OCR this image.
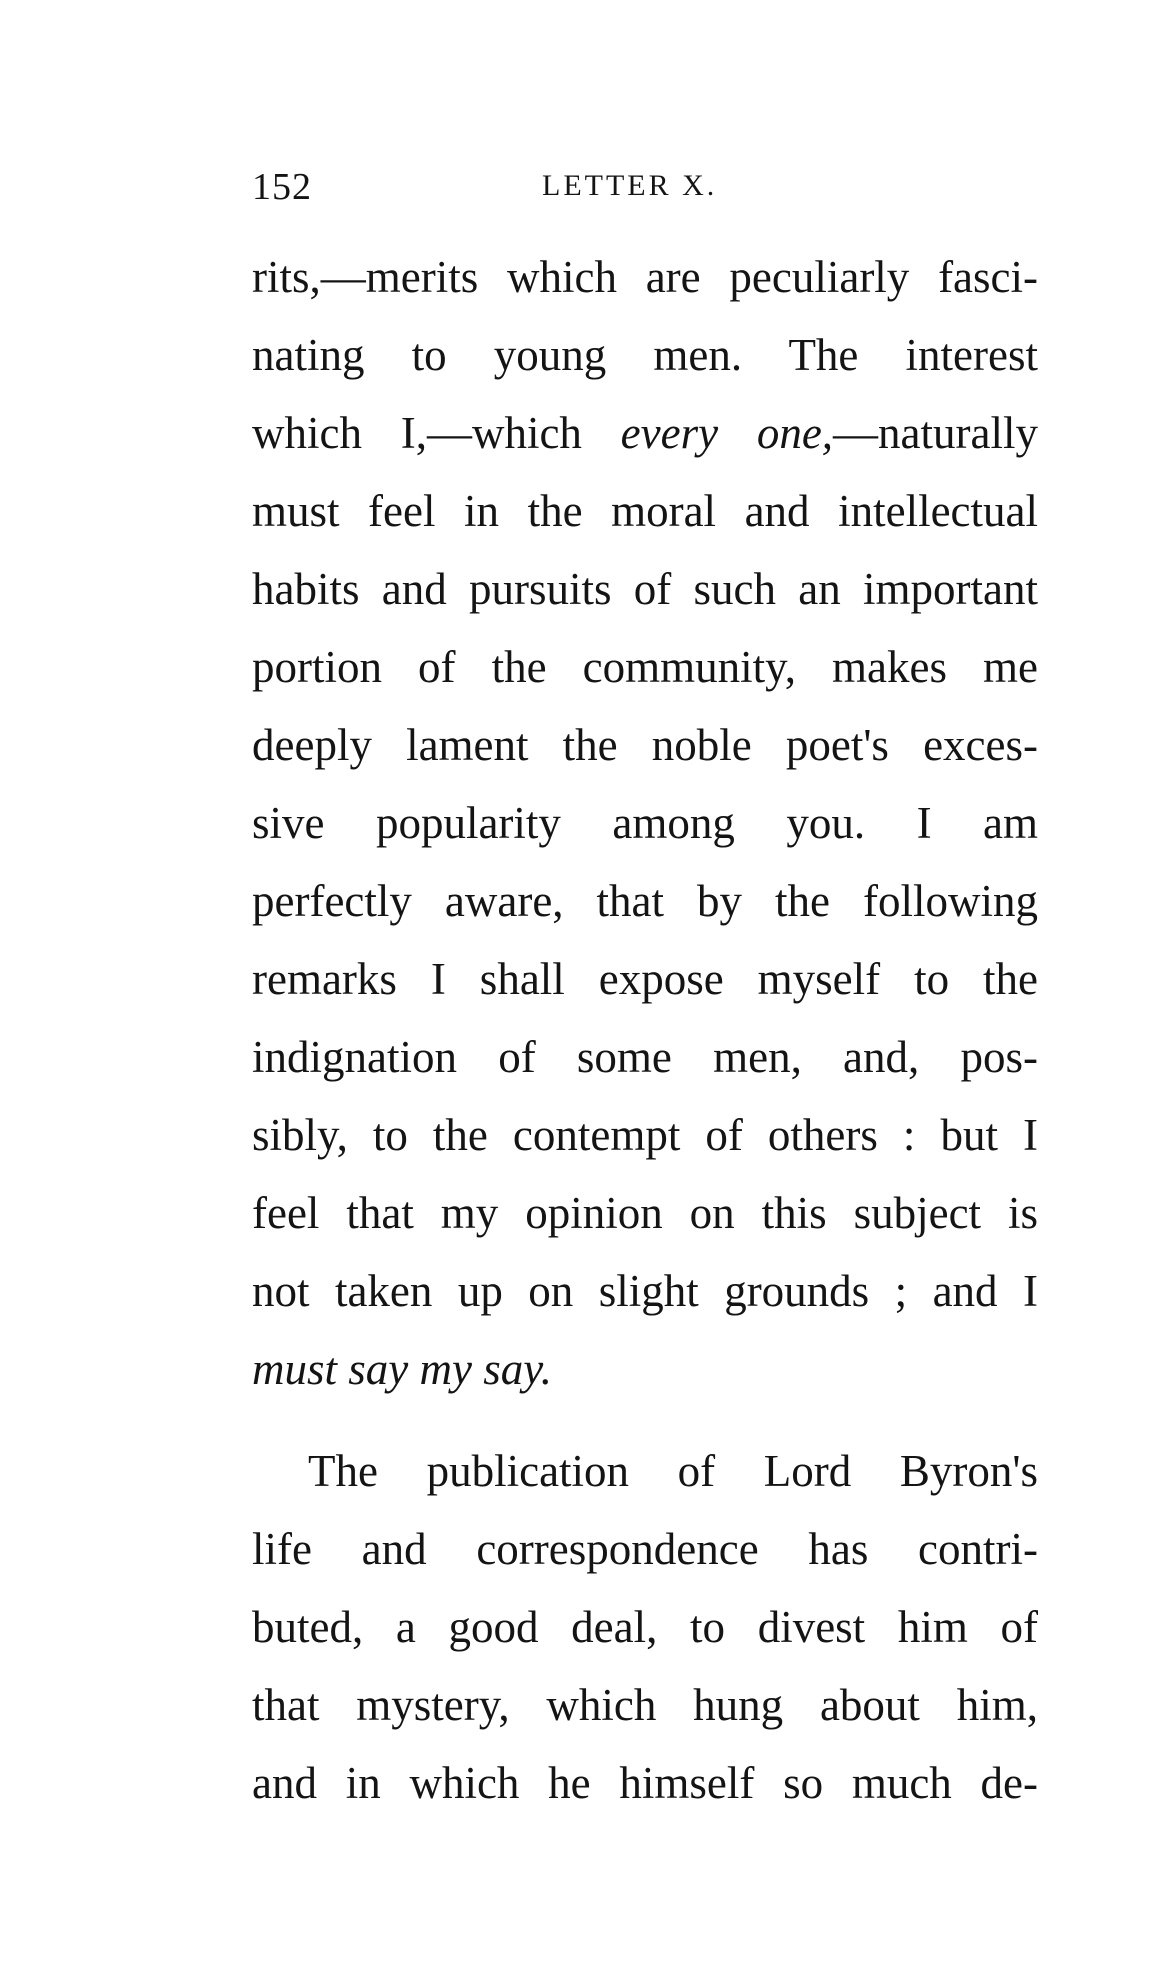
152	LETTER X.
rits,—merits which are peculiarly fasci-
nating to young men. The interest
which I,—which every one,—naturally
must feel in the moral and intellectual
habits and pursuits of such an important
portion of the community, makes me
deeply lament the noble poet's exces-
sive popularity among you. I am
perfectly aware, that by the following
remarks I shall expose myself to the
indignation of some men, and, pos-
sibly, to the contempt of others : but I
feel that my opinion on this subject is
not taken up on slight grounds ; and I
must say my say.
The publication of Lord Byron's
life and correspondence has contri-
buted, a good deal, to divest him of
that mystery, which hung about him,
and in which he himself so much de-
